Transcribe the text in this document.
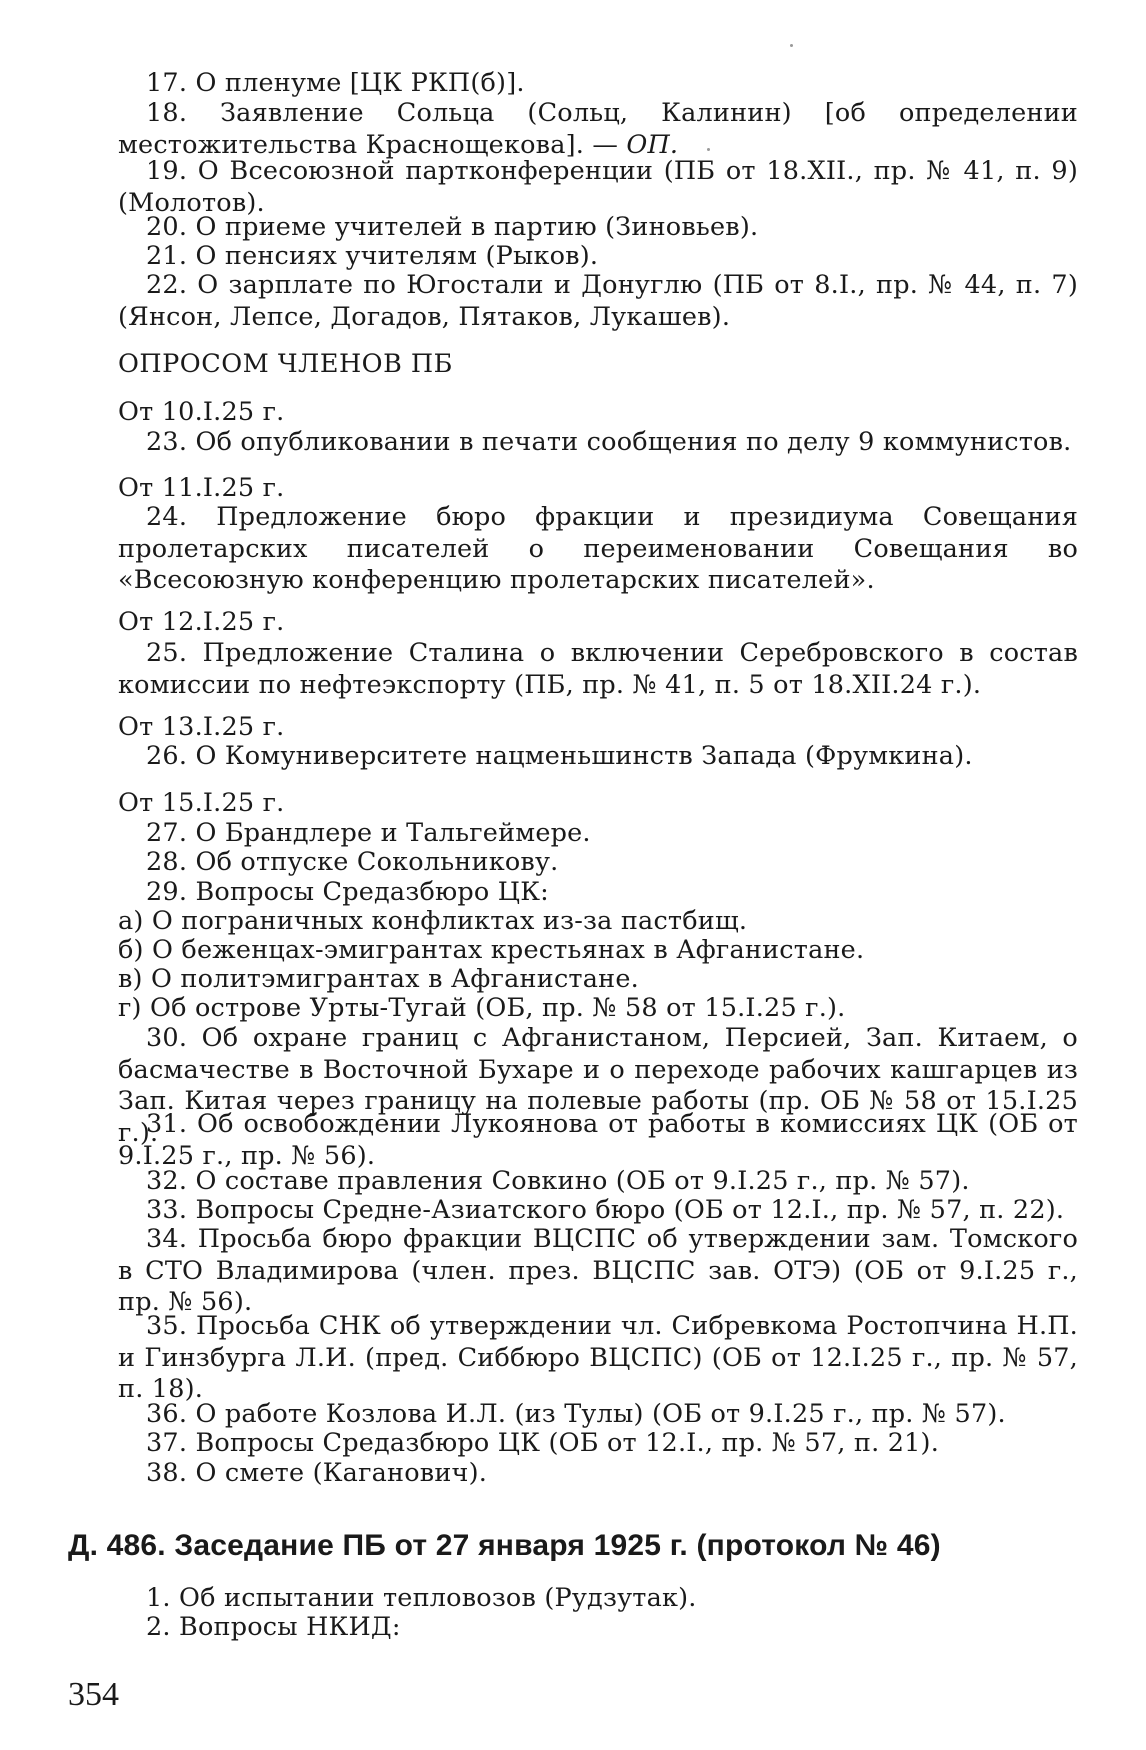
17. О пленуме [ЦК РКП(б)].

18. Заявление Сольца (Сольц, Калинин) [об определении местожительства Краснощекова]. — ОП.

19. О Всесоюзной партконференции (ПБ от 18.XII., пр. № 41, п. 9) (Молотов).

20. О приеме учителей в партию (Зиновьев).

21. О пенсиях учителям (Рыков).

22. О зарплате по Югостали и Донуглю (ПБ от 8.I., пр. № 44, п. 7) (Янсон, Лепсе, Догадов, Пятаков, Лукашев).

ОПРОСОМ ЧЛЕНОВ ПБ

От 10.I.25 г.

23. Об опубликовании в печати сообщения по делу 9 коммунистов.

От 11.I.25 г.

24. Предложение бюро фракции и президиума Совещания пролетарских писателей о переименовании Совещания во «Всесоюзную конференцию пролетарских писателей».

От 12.I.25 г.

25. Предложение Сталина о включении Серебровского в состав комиссии по нефтеэкспорту (ПБ, пр. № 41, п. 5 от 18.XII.24 г.).

От 13.I.25 г.

26. О Комуниверситете нацменьшинств Запада (Фрумкина).

От 15.I.25 г.

27. О Брандлере и Тальгеймере.

28. Об отпуске Сокольникову.

29. Вопросы Средазбюро ЦК:

а) О пограничных конфликтах из-за пастбищ.

б) О беженцах-эмигрантах крестьянах в Афганистане.

в) О политэмигрантах в Афганистане.

г) Об острове Урты-Тугай (ОБ, пр. № 58 от 15.I.25 г.).

30. Об охране границ с Афганистаном, Персией, Зап. Китаем, о басмачестве в Восточной Бухаре и о переходе рабочих кашгарцев из Зап. Китая через границу на полевые работы (пр. ОБ № 58 от 15.I.25 г.).

31. Об освобождении Лукоянова от работы в комиссиях ЦК (ОБ от 9.I.25 г., пр. № 56).

32. О составе правления Совкино (ОБ от 9.I.25 г., пр. № 57).

33. Вопросы Средне-Азиатского бюро (ОБ от 12.I., пр. № 57, п. 22).

34. Просьба бюро фракции ВЦСПС об утверждении зам. Томского в СТО Владимирова (член. през. ВЦСПС зав. ОТЭ) (ОБ от 9.I.25 г., пр. № 56).

35. Просьба СНК об утверждении чл. Сибревкома Ростопчина Н.П. и Гинзбурга Л.И. (пред. Сиббюро ВЦСПС) (ОБ от 12.I.25 г., пр. № 57, п. 18).

36. О работе Козлова И.Л. (из Тулы) (ОБ от 9.I.25 г., пр. № 57).

37. Вопросы Средазбюро ЦК (ОБ от 12.I., пр. № 57, п. 21).

38. О смете (Каганович).

Д. 486. Заседание ПБ от 27 января 1925 г. (протокол № 46)

1. Об испытании тепловозов (Рудзутак).

2. Вопросы НКИД:

354
